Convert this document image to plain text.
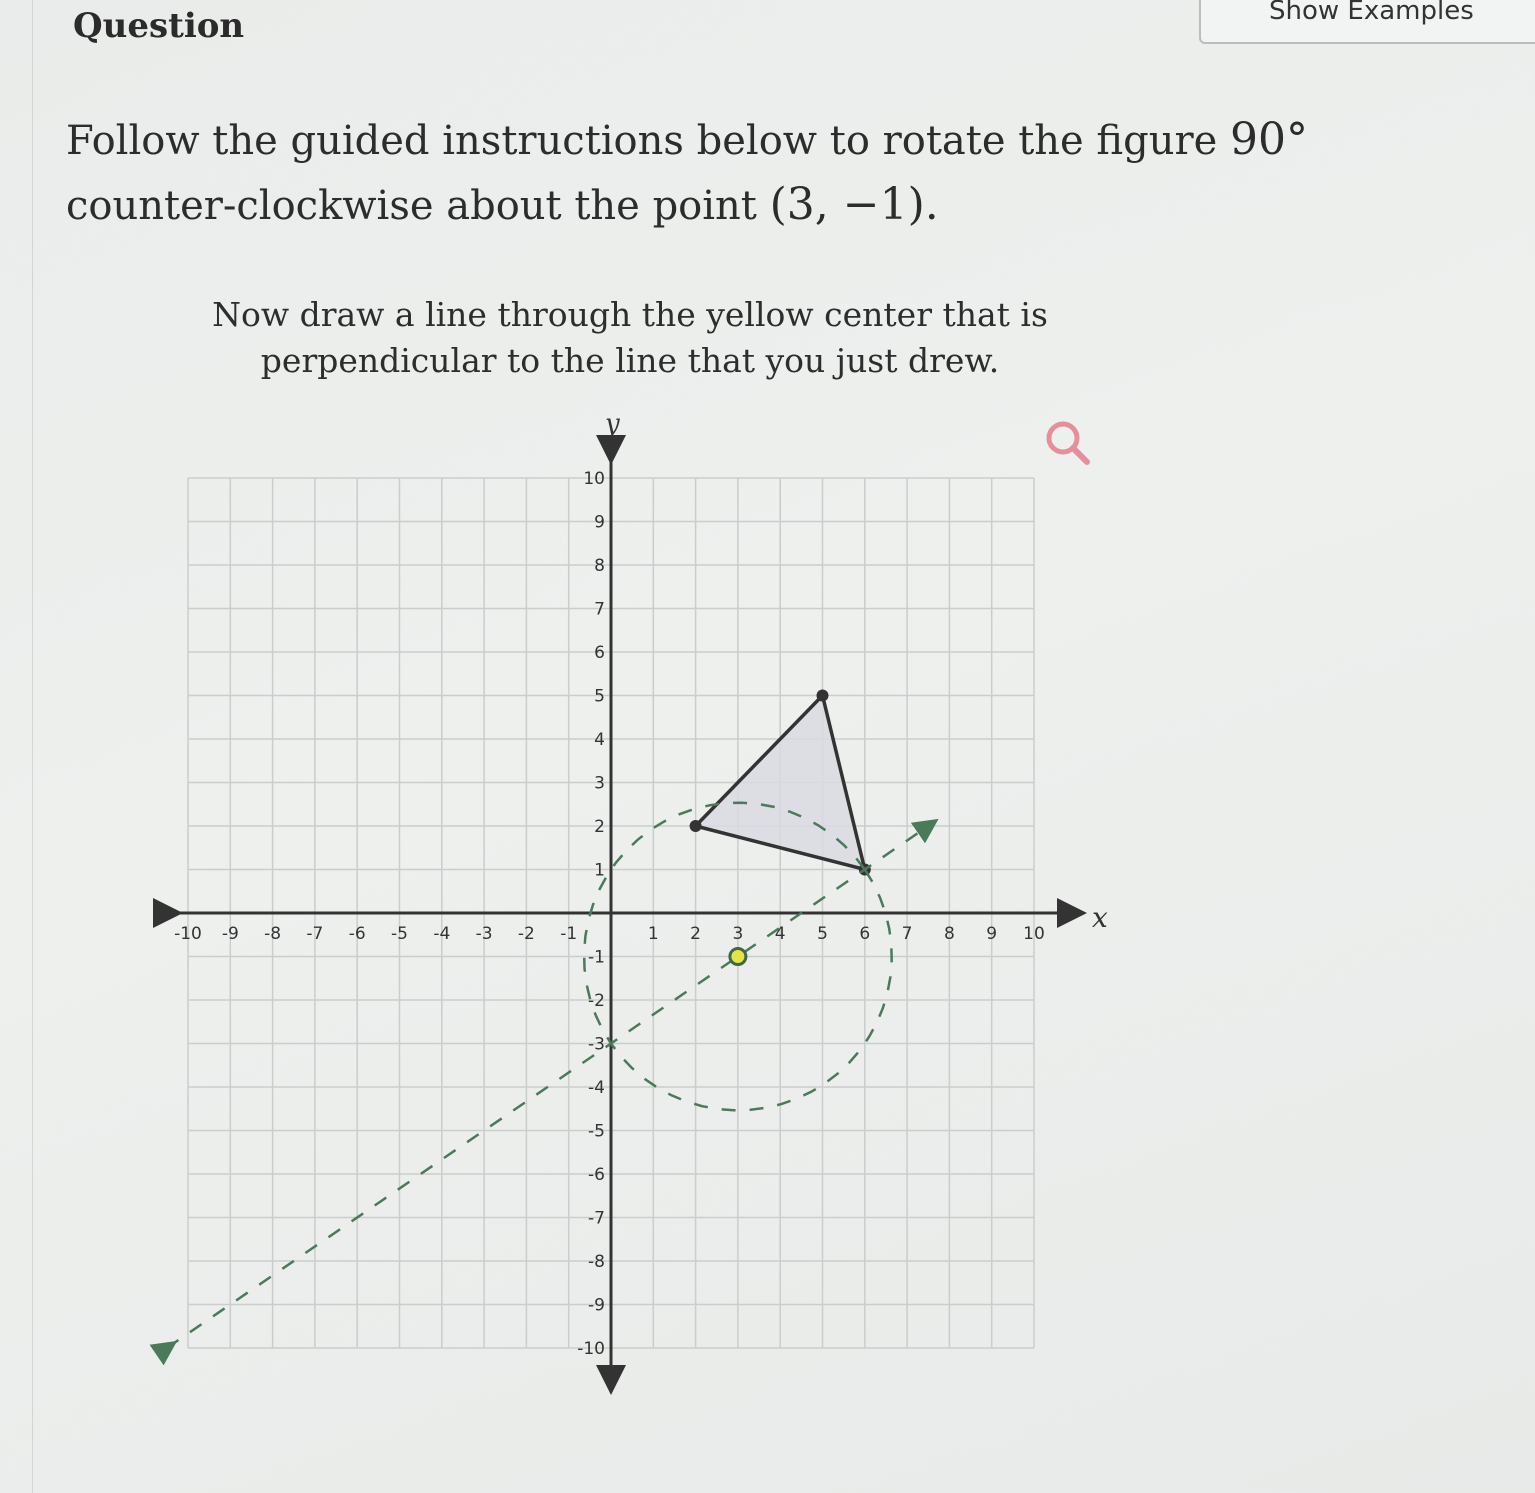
Question	Show Examples
Follow the guided instructions below to rotate the figure 90° counter-clockwise about the point (3, −1).
Now draw a line through the yellow center that is perpendicular to the line that you just drew.
x
y
-10 -9 -8 -7 -6 -5 -4 -3 -2 -1	1 2 3 4 5 6 7 8 9 10
10
9
8
7
6
5
4
3
2
1
-1
-2
-3
-4
-5
-6
-7
-8
-9
-10
